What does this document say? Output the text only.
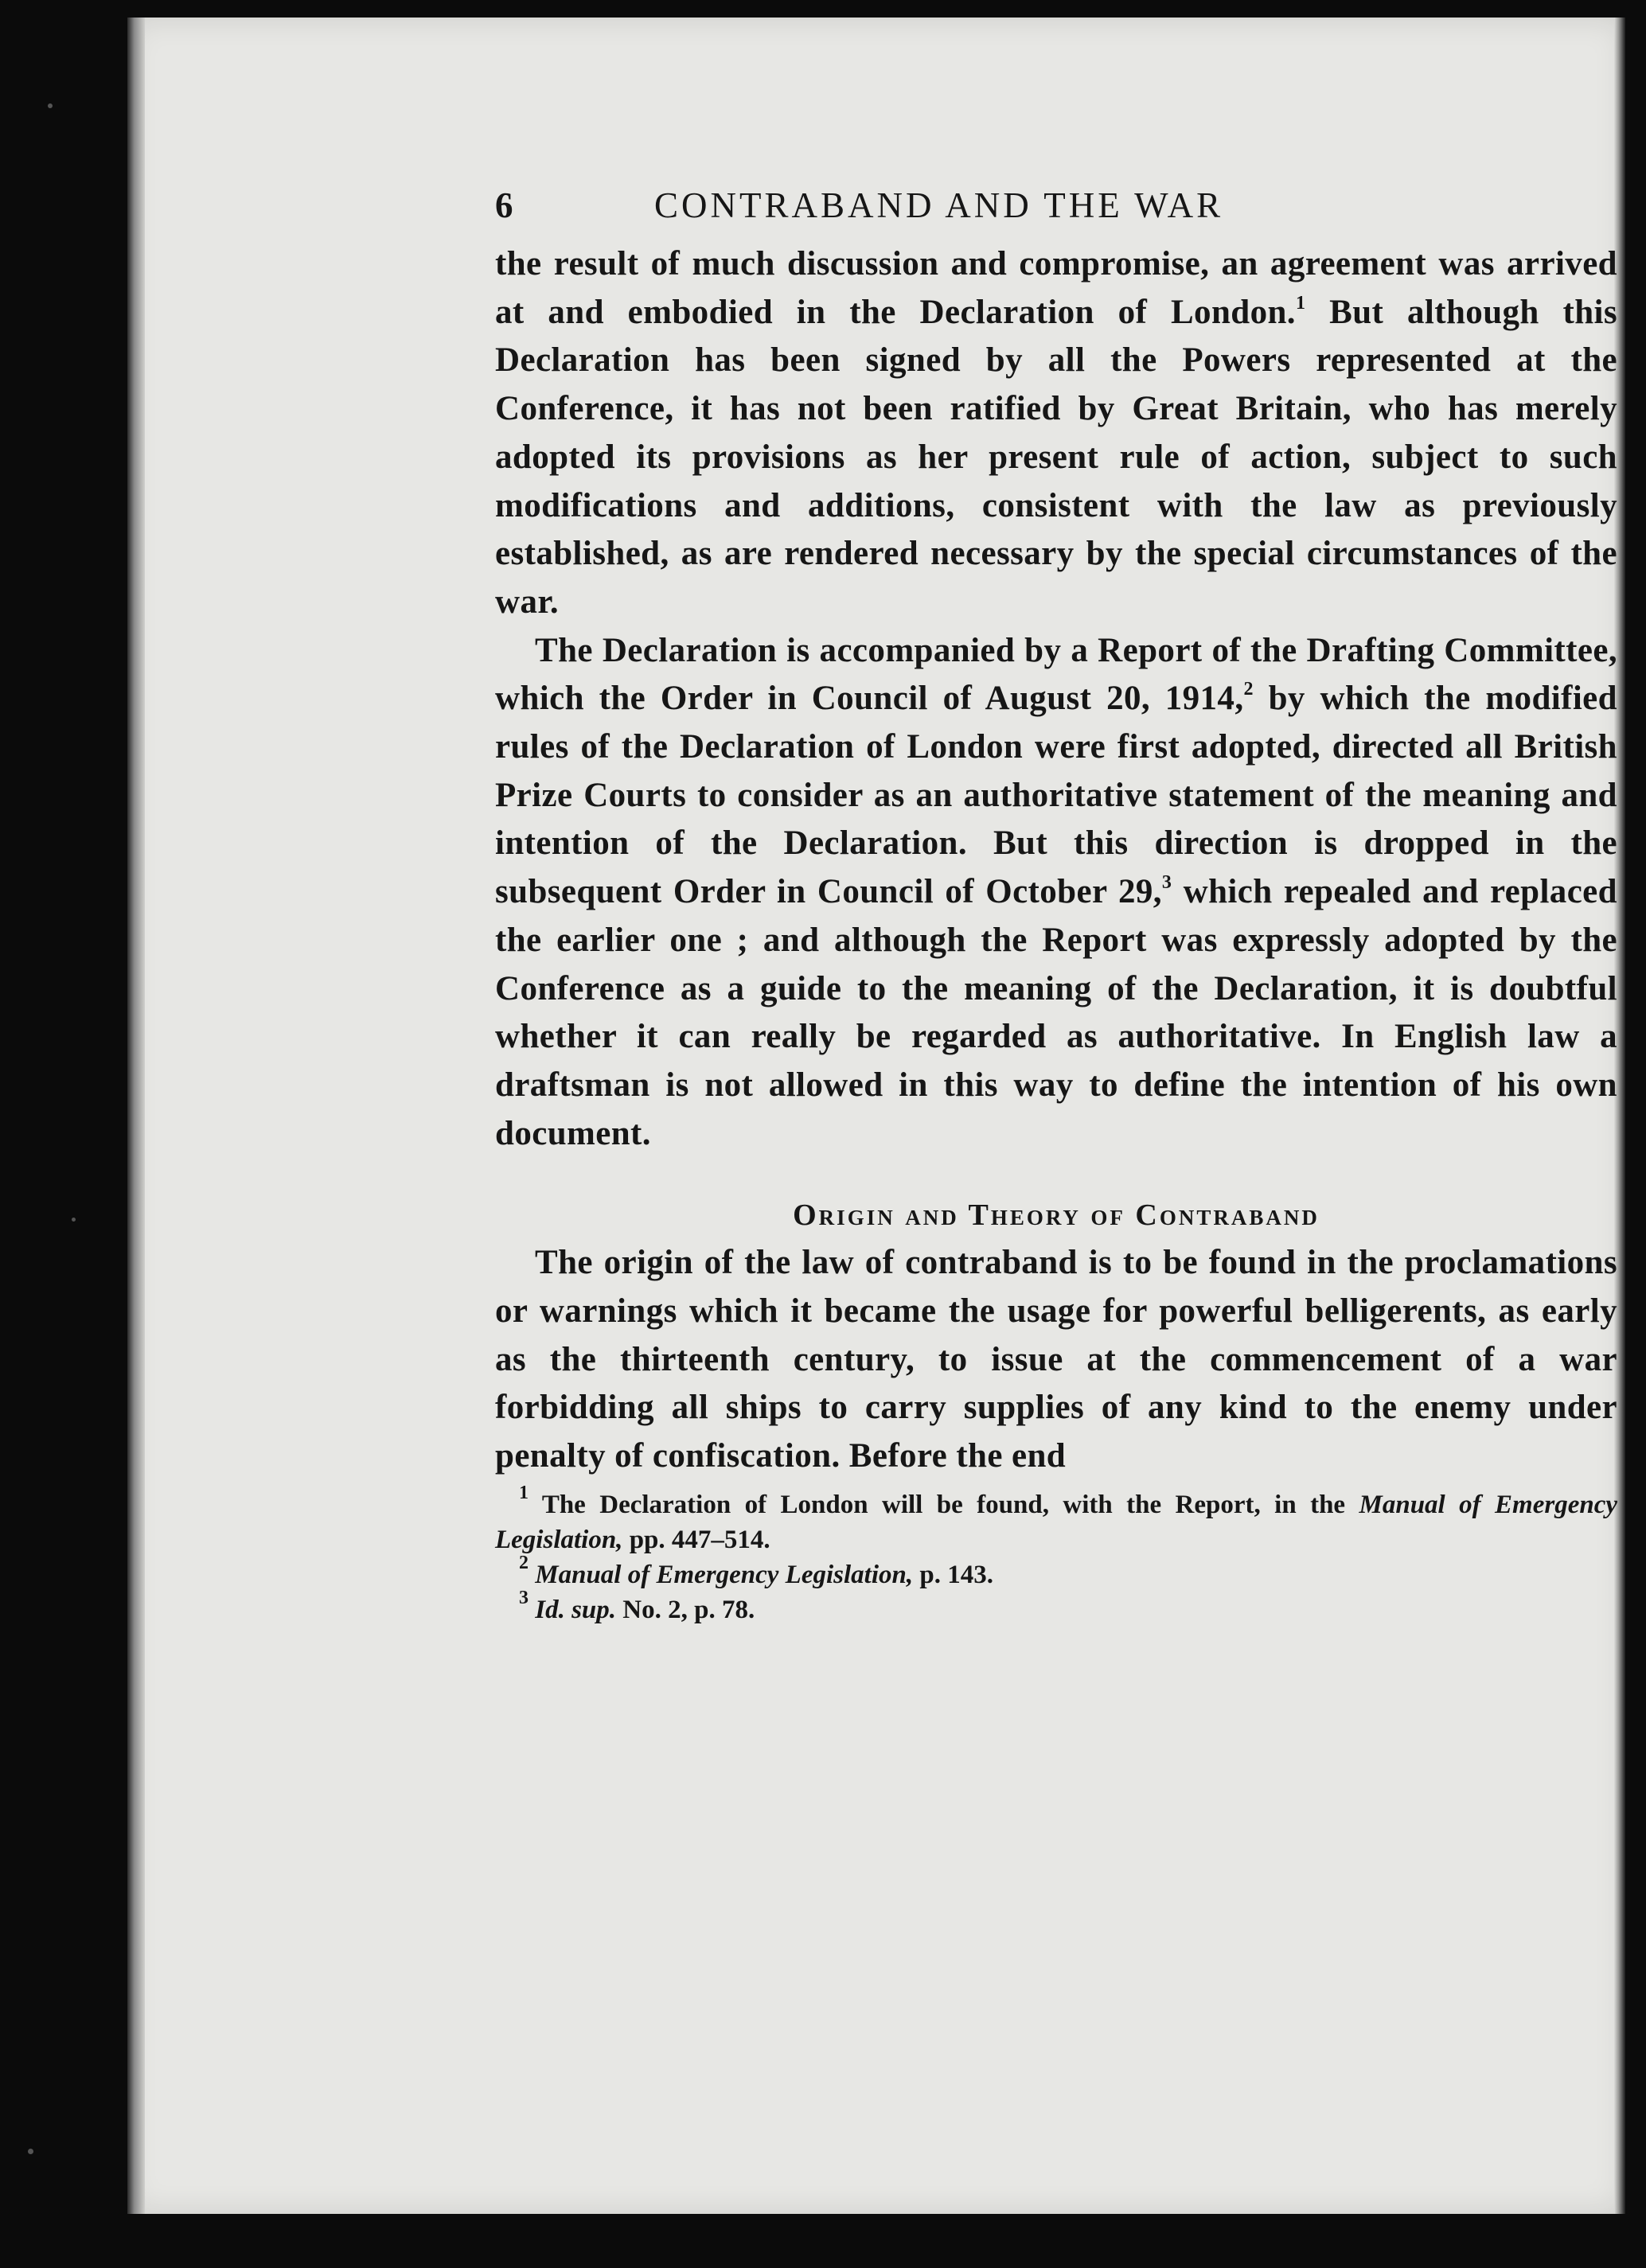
6	CONTRABAND AND THE WAR

the result of much discussion and compromise, an agreement was arrived at and embodied in the Declaration of London.$^1$ But although this Declaration has been signed by all the Powers represented at the Conference, it has not been ratified by Great Britain, who has merely adopted its provisions as her present rule of action, subject to such modifications and additions, consistent with the law as previously established, as are rendered necessary by the special circumstances of the war.

The Declaration is accompanied by a Report of the Drafting Committee, which the Order in Council of August 20, 1914,$^2$ by which the modified rules of the Declaration of London were first adopted, directed all British Prize Courts to consider as an authoritative statement of the meaning and intention of the Declaration. But this direction is dropped in the subsequent Order in Council of October 29,$^3$ which repealed and replaced the earlier one ; and although the Report was expressly adopted by the Conference as a guide to the meaning of the Declaration, it is doubtful whether it can really be regarded as authoritative. In English law a draftsman is not allowed in this way to define the intention of his own document.

Origin and Theory of Contraband

The origin of the law of contraband is to be found in the proclamations or warnings which it became the usage for powerful belligerents, as early as the thirteenth century, to issue at the commencement of a war forbidding all ships to carry supplies of any kind to the enemy under penalty of confiscation. Before the end

$^1$ The Declaration of London will be found, with the Report, in the Manual of Emergency Legislation, pp. 447–514.

$^2$ Manual of Emergency Legislation, p. 143.

$^3$ Id. sup. No. 2, p. 78.
